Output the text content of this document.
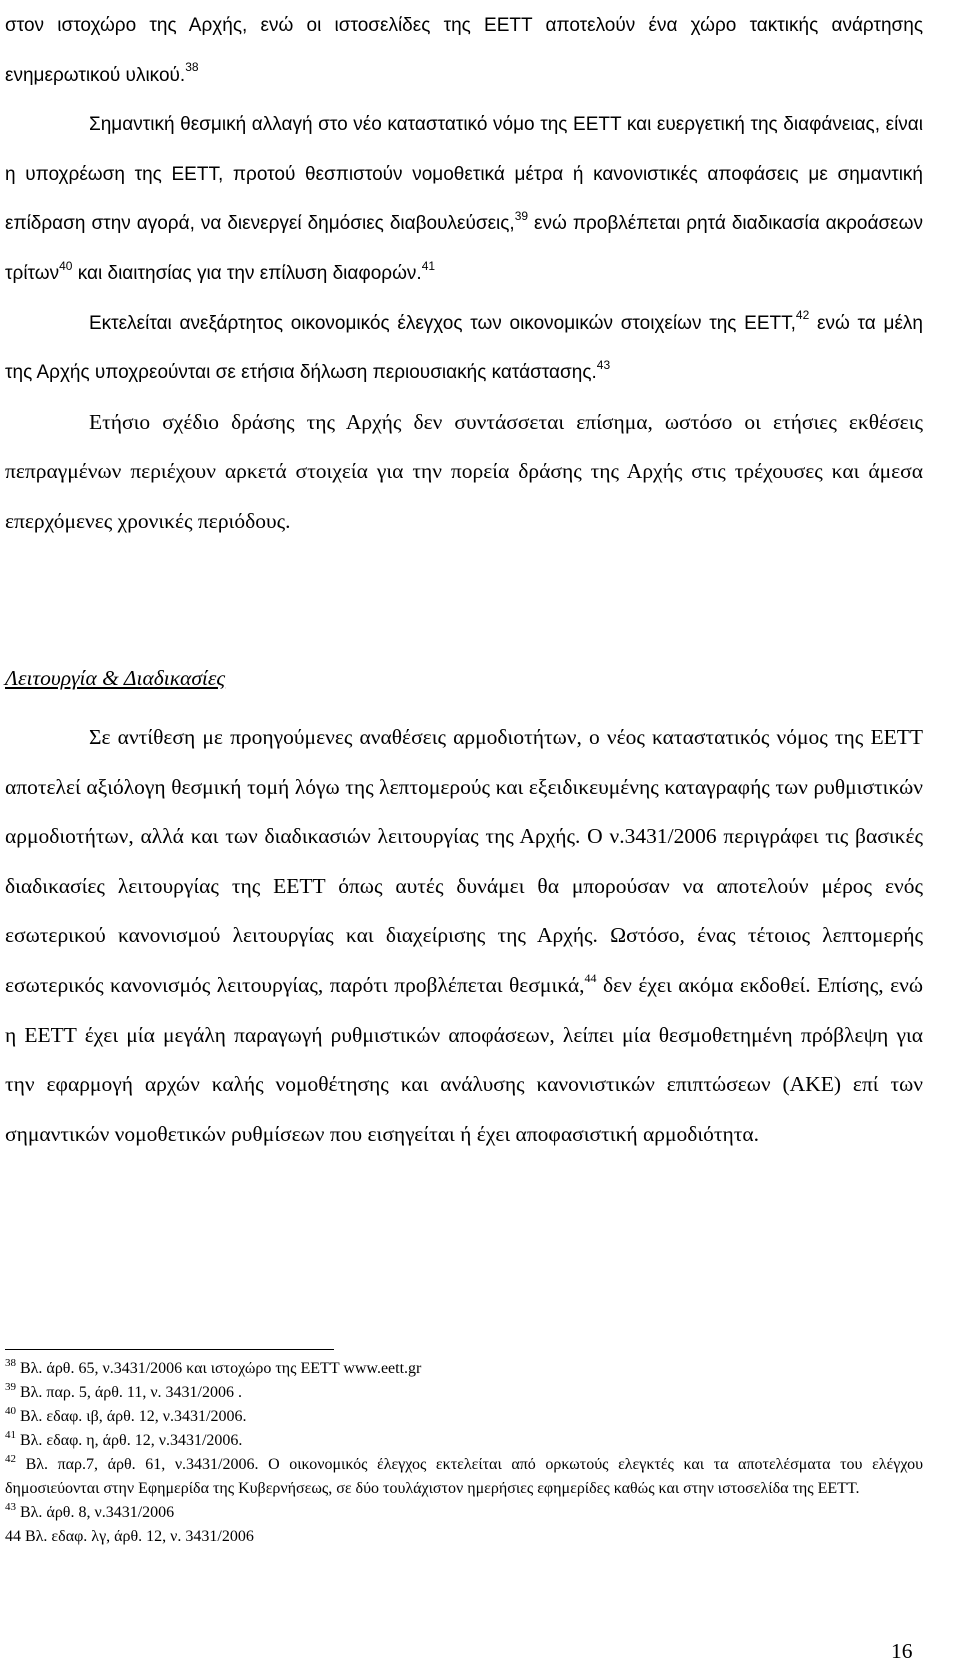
στον ιστοχώρο της Αρχής, ενώ οι ιστοσελίδες της ΕΕΤΤ αποτελούν ένα χώρο τακτικής ανάρτησης ενημερωτικού υλικού.$^{38}$

Σημαντική θεσμική αλλαγή στο νέο καταστατικό νόμο της ΕΕΤΤ και ευεργετική της διαφάνειας, είναι η υποχρέωση της ΕΕΤΤ, προτού θεσπιστούν νομοθετικά μέτρα ή κανονιστικές αποφάσεις με σημαντική επίδραση στην αγορά, να διενεργεί δημόσιες διαβουλεύσεις,$^{39}$ ενώ προβλέπεται ρητά διαδικασία ακροάσεων τρίτων$^{40}$ και διαιτησίας για την επίλυση διαφορών.$^{41}$

Εκτελείται ανεξάρτητος οικονομικός έλεγχος των οικονομικών στοιχείων της ΕΕΤΤ,$^{42}$ ενώ τα μέλη της Αρχής υποχρεούνται σε ετήσια δήλωση περιουσιακής κατάστασης.$^{43}$

Ετήσιο σχέδιο δράσης της Αρχής δεν συντάσσεται επίσημα, ωστόσο οι ετήσιες εκθέσεις πεπραγμένων περιέχουν αρκετά στοιχεία για την πορεία δράσης της Αρχής στις τρέχουσες και άμεσα επερχόμενες χρονικές περιόδους.

Λειτουργία & Διαδικασίες

Σε αντίθεση με προηγούμενες αναθέσεις αρμοδιοτήτων, ο νέος καταστατικός νόμος της ΕΕΤΤ αποτελεί αξιόλογη θεσμική τομή λόγω της λεπτομερούς και εξειδικευμένης καταγραφής των ρυθμιστικών αρμοδιοτήτων, αλλά και των διαδικασιών λειτουργίας της Αρχής. Ο ν.3431/2006 περιγράφει τις βασικές διαδικασίες λειτουργίας της ΕΕΤΤ όπως αυτές δυνάμει θα μπορούσαν να αποτελούν μέρος ενός εσωτερικού κανονισμού λειτουργίας και διαχείρισης της Αρχής. Ωστόσο, ένας τέτοιος λεπτομερής εσωτερικός κανονισμός λειτουργίας, παρότι προβλέπεται θεσμικά,$^{44}$ δεν έχει ακόμα εκδοθεί. Επίσης, ενώ η ΕΕΤΤ έχει μία μεγάλη παραγωγή ρυθμιστικών αποφάσεων, λείπει μία θεσμοθετημένη πρόβλεψη για την εφαρμογή αρχών καλής νομοθέτησης και ανάλυσης κανονιστικών επιπτώσεων (ΑΚΕ) επί των σημαντικών νομοθετικών ρυθμίσεων που εισηγείται ή έχει αποφασιστική αρμοδιότητα.

$^{38}$ Βλ. άρθ. 65, ν.3431/2006 και ιστοχώρο της ΕΕΤΤ www.eett.gr

$^{39}$ Βλ. παρ. 5, άρθ. 11, ν. 3431/2006 .

$^{40}$ Βλ. εδαφ. ιβ, άρθ. 12, ν.3431/2006.

$^{41}$ Βλ. εδαφ. η, άρθ. 12, ν.3431/2006.

$^{42}$ Βλ. παρ.7, άρθ. 61, ν.3431/2006. Ο οικονομικός έλεγχος εκτελείται από ορκωτούς ελεγκτές και τα αποτελέσματα του ελέγχου δημοσιεύονται στην Εφημερίδα της Κυβερνήσεως, σε δύο τουλάχιστον ημερήσιες εφημερίδες καθώς και στην ιστοσελίδα της ΕΕΤΤ.

$^{43}$ Βλ. άρθ. 8, ν.3431/2006

44 Βλ. εδαφ. λγ, άρθ. 12, ν. 3431/2006

16
